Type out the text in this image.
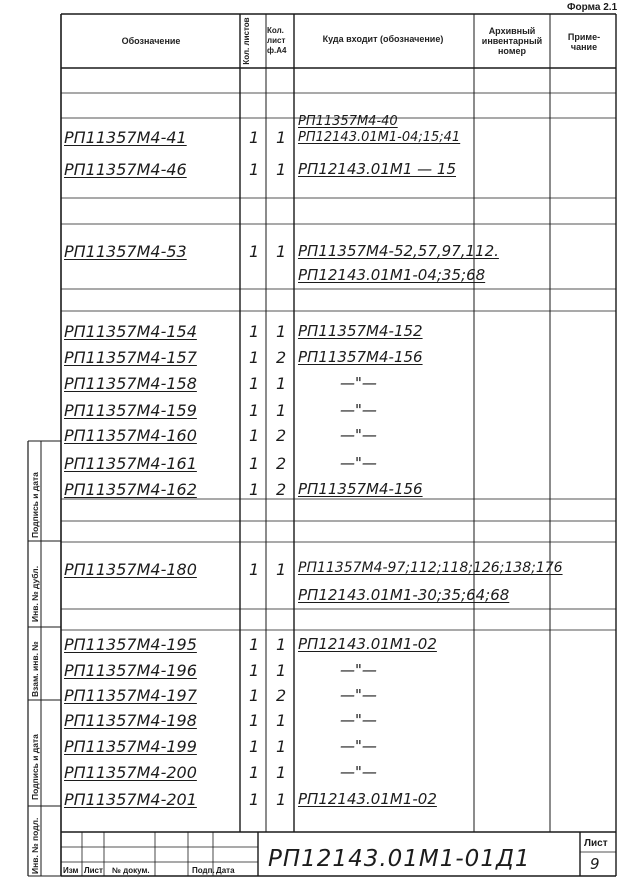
Форма 2.1
Обозначение	Кол. листов Кол. лист ф.А4
Куда входит (обозначение)
Архивный инвентарный номер
Приме- чание
РП11357М4-41	1 1
РП11357М4-40
РП12143.01М1-04;15;41
РП11357М4-46	1 1 РП12143.01М1 — 15
РП11357М4-53	1 1 РП11357М4-52,57,97,112.
РП12143.01М1-04;35;68
РП11357М4-154	1 1 РП11357М4-152
РП11357М4-157	1 2 РП11357М4-156
РП11357М4-158	1 1	—"—
РП11357М4-159	1 1	—"—
РП11357М4-160	1 2	—"—
РП11357М4-161	1 2	—"—
РП11357М4-162	1 2 РП11357М4-156
РП11357М4-180	1 1 РП11357М4-97;112;118;126;138;176
РП12143.01М1-30;35;64;68
РП11357М4-195	1 1 РП12143.01М1-02
РП11357М4-196	1 1	—"—
РП11357М4-197	1 2	—"—
РП11357М4-198	1 1	—"—
РП11357М4-199	1 1	—"—
РП11357М4-200	1 1	—"—
РП11357М4-201	1 1 РП12143.01М1-02
Подпись и дата
Инв. № дубл.
Взам. инв. №
Подпись и дата
Инв. № подл.	Изм Лист № докум.	Подп. Дата РП12143.01М1-01Д1
Лист
9
